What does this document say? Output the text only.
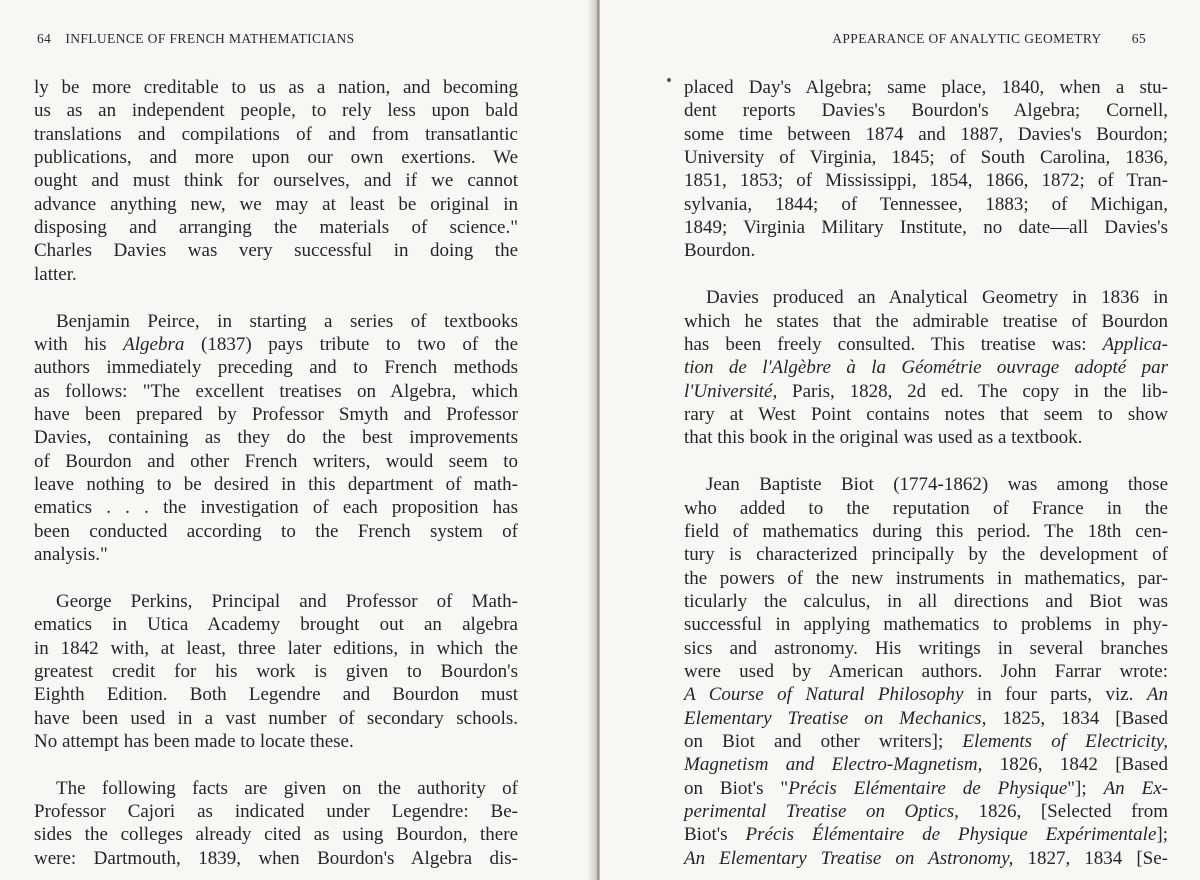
64 INFLUENCE OF FRENCH MATHEMATICIANS
ly be more creditable to us as a nation, and becoming
us as an independent people, to rely less upon bald
translations and compilations of and from transatlantic
publications, and more upon our own exertions. We
ought and must think for ourselves, and if we cannot
advance anything new, we may at least be original in
disposing and arranging the materials of science."
Charles Davies was very successful in doing the
latter.
Benjamin Peirce, in starting a series of textbooks
with his Algebra (1837) pays tribute to two of the
authors immediately preceding and to French methods
as follows: "The excellent treatises on Algebra, which
have been prepared by Professor Smyth and Professor
Davies, containing as they do the best improvements
of Bourdon and other French writers, would seem to
leave nothing to be desired in this department of math-
ematics . . . the investigation of each proposition has
been conducted according to the French system of
analysis."
George Perkins, Principal and Professor of Math-
ematics in Utica Academy brought out an algebra
in 1842 with, at least, three later editions, in which the
greatest credit for his work is given to Bourdon's
Eighth Edition. Both Legendre and Bourdon must
have been used in a vast number of secondary schools.
No attempt has been made to locate these.
The following facts are given on the authority of
Professor Cajori as indicated under Legendre: Be-
sides the colleges already cited as using Bourdon, there
were: Dartmouth, 1839, when Bourdon's Algebra dis-
APPEARANCE OF ANALYTIC GEOMETRY 65
placed Day's Algebra; same place, 1840, when a stu-
dent reports Davies's Bourdon's Algebra; Cornell,
some time between 1874 and 1887, Davies's Bourdon;
University of Virginia, 1845; of South Carolina, 1836,
1851, 1853; of Mississippi, 1854, 1866, 1872; of Tran-
sylvania, 1844; of Tennessee, 1883; of Michigan,
1849; Virginia Military Institute, no date—all Davies's
Bourdon.
Davies produced an Analytical Geometry in 1836 in
which he states that the admirable treatise of Bourdon
has been freely consulted. This treatise was: Applica-
tion de l'Algèbre à la Géométrie ouvrage adopté par
l'Université, Paris, 1828, 2d ed. The copy in the lib-
rary at West Point contains notes that seem to show
that this book in the original was used as a textbook.
Jean Baptiste Biot (1774-1862) was among those
who added to the reputation of France in the
field of mathematics during this period. The 18th cen-
tury is characterized principally by the development of
the powers of the new instruments in mathematics, par-
ticularly the calculus, in all directions and Biot was
successful in applying mathematics to problems in phy-
sics and astronomy. His writings in several branches
were used by American authors. John Farrar wrote:
A Course of Natural Philosophy in four parts, viz. An
Elementary Treatise on Mechanics, 1825, 1834 [Based
on Biot and other writers]; Elements of Electricity,
Magnetism and Electro-Magnetism, 1826, 1842 [Based
on Biot's "Précis Elémentaire de Physique"]; An Ex-
perimental Treatise on Optics, 1826, [Selected from
Biot's Précis Élémentaire de Physique Expérimentale];
An Elementary Treatise on Astronomy, 1827, 1834 [Se-
